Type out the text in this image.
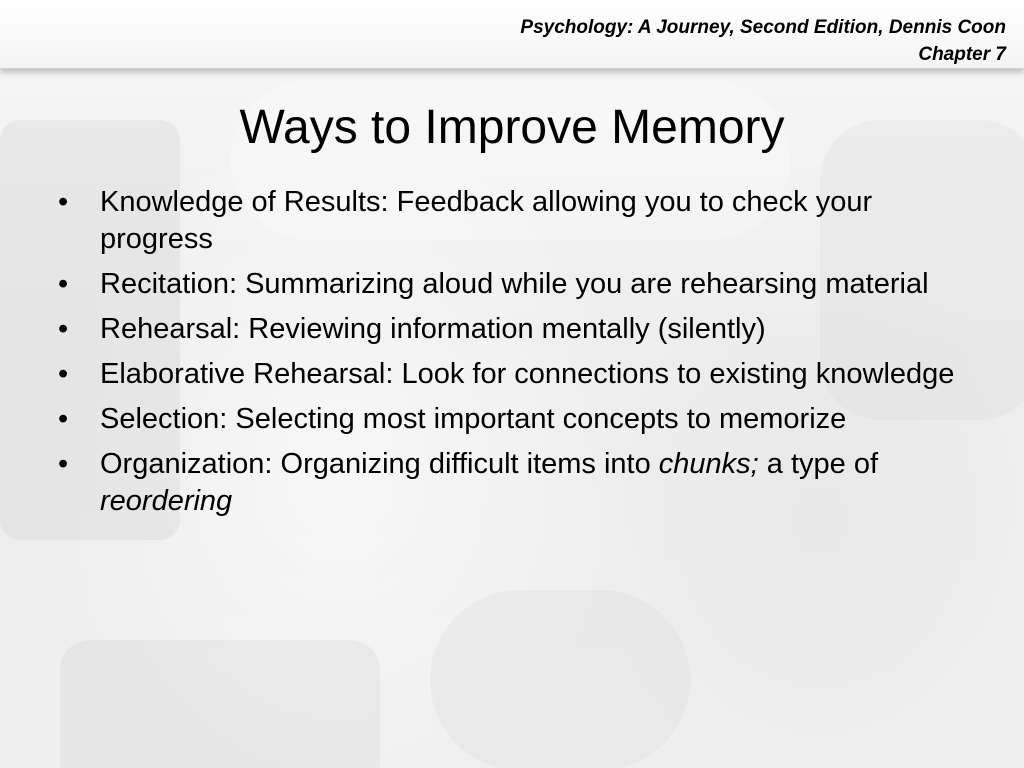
Psychology: A Journey, Second Edition, Dennis Coon
Chapter 7
Ways to Improve Memory
• Knowledge of Results: Feedback allowing you to check your progress
• Recitation: Summarizing aloud while you are rehearsing material
• Rehearsal: Reviewing information mentally (silently)
• Elaborative Rehearsal: Look for connections to existing knowledge
• Selection: Selecting most important concepts to memorize
• Organization: Organizing difficult items into chunks; a type of reordering
